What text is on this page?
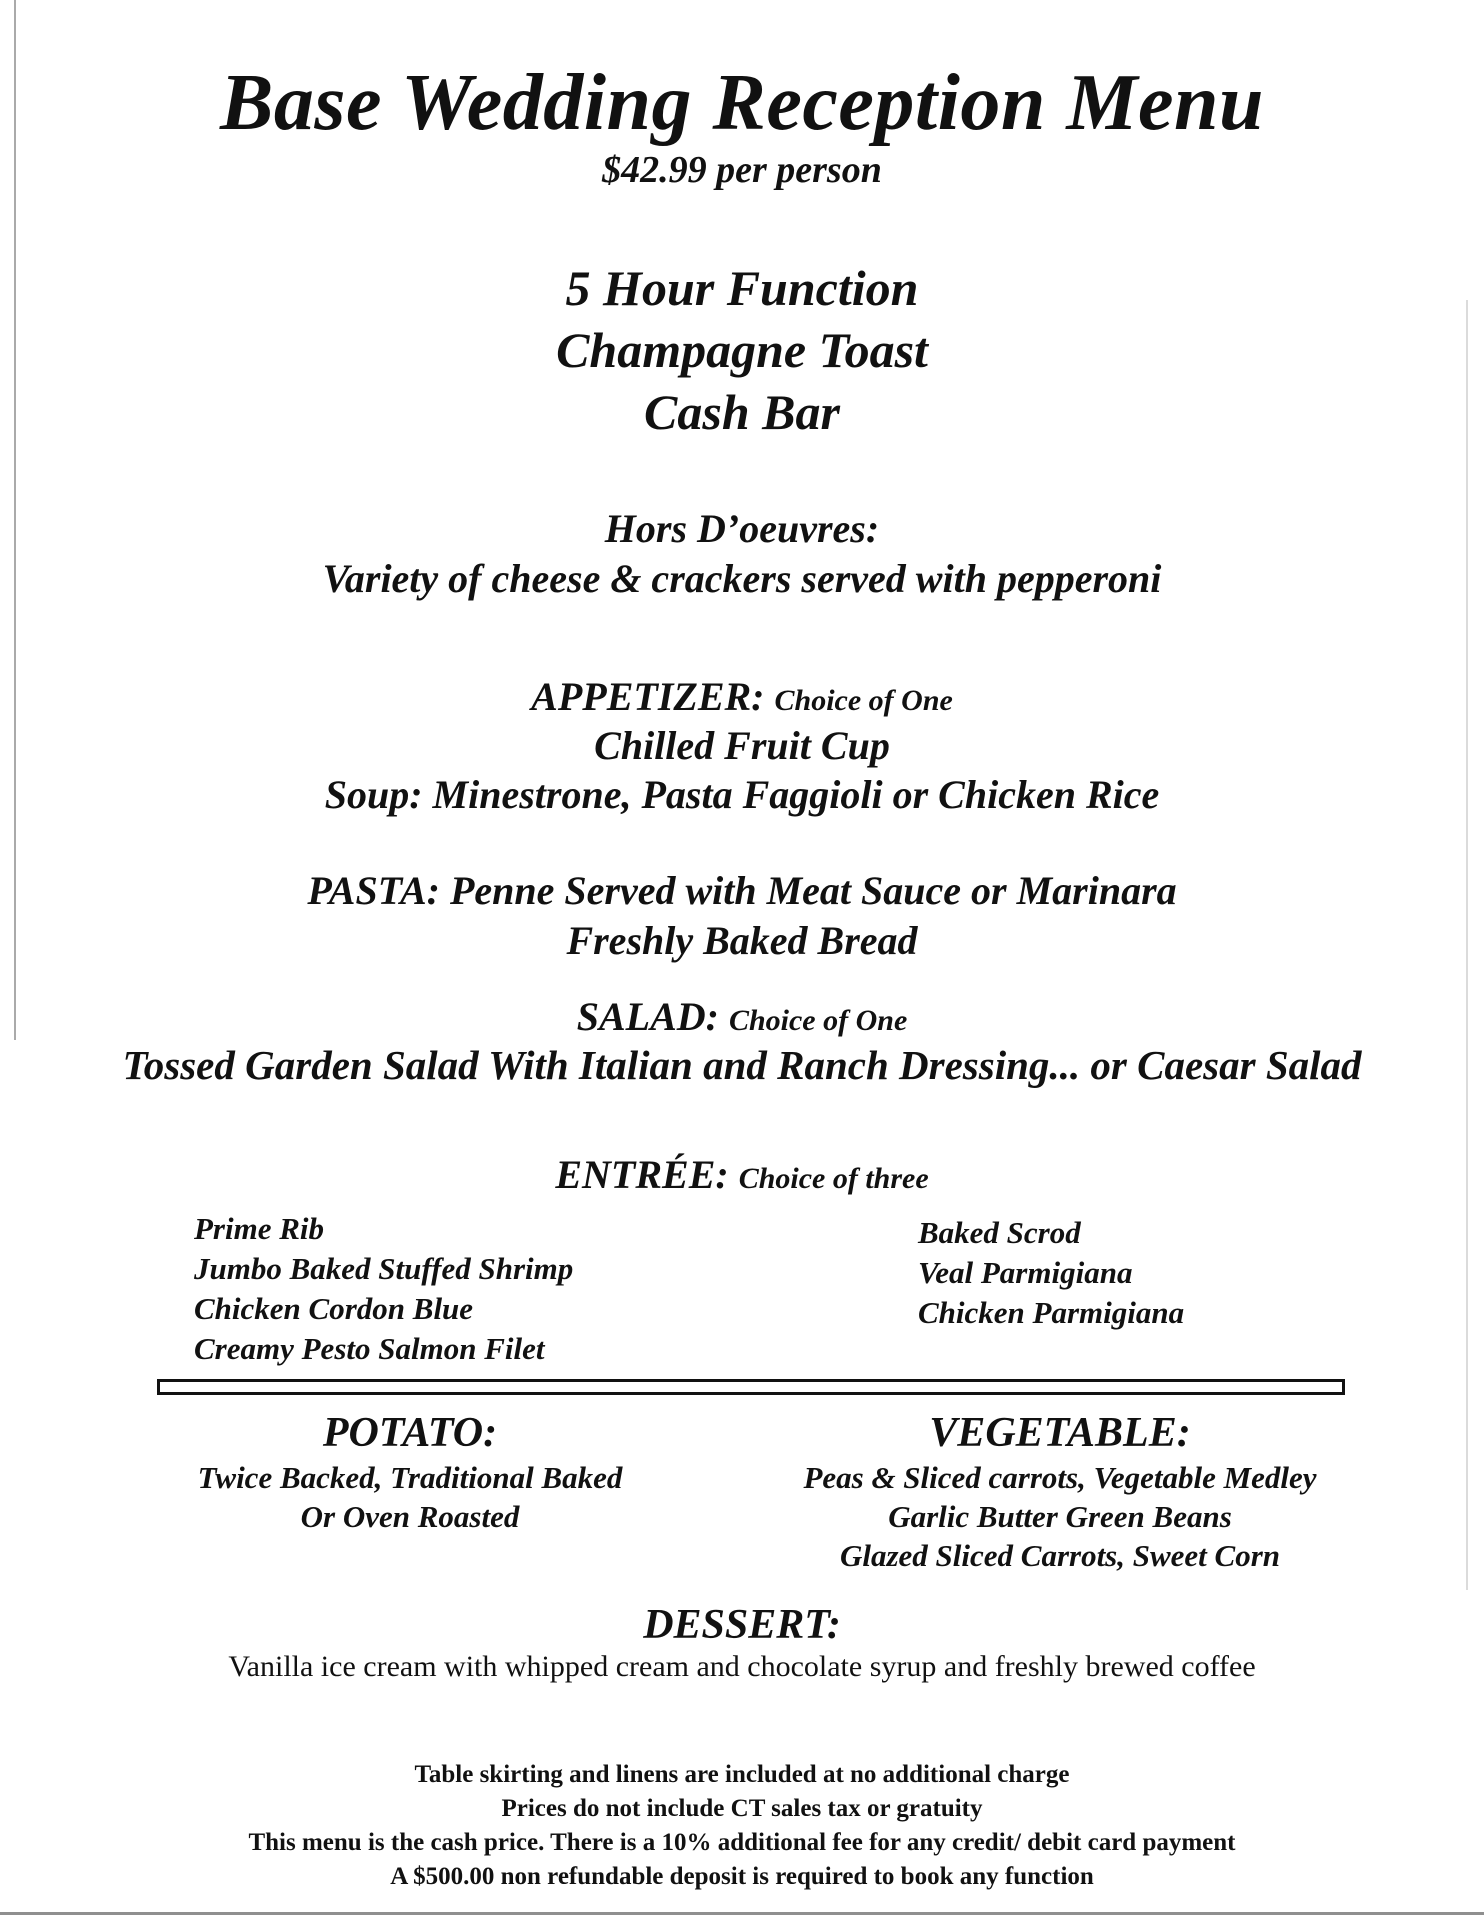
Base Wedding Reception Menu
$42.99 per person
5 Hour Function
Champagne Toast
Cash Bar
Hors D’oeuvres:
Variety of cheese & crackers served with pepperoni
APPETIZER: Choice of One
Chilled Fruit Cup
Soup: Minestrone, Pasta Faggioli or Chicken Rice
PASTA: Penne Served with Meat Sauce or Marinara
Freshly Baked Bread
SALAD: Choice of One
Tossed Garden Salad With Italian and Ranch Dressing... or Caesar Salad
ENTRÉE: Choice of three
Prime Rib
Jumbo Baked Stuffed Shrimp
Chicken Cordon Blue
Creamy Pesto Salmon Filet
Baked Scrod
Veal Parmigiana
Chicken Parmigiana
POTATO:
Twice Backed, Traditional Baked
Or Oven Roasted
VEGETABLE:
Peas & Sliced carrots, Vegetable Medley
Garlic Butter Green Beans
Glazed Sliced Carrots, Sweet Corn
DESSERT:
Vanilla ice cream with whipped cream and chocolate syrup and freshly brewed coffee
Table skirting and linens are included at no additional charge
Prices do not include CT sales tax or gratuity
This menu is the cash price. There is a 10% additional fee for any credit/ debit card payment
A $500.00 non refundable deposit is required to book any function
